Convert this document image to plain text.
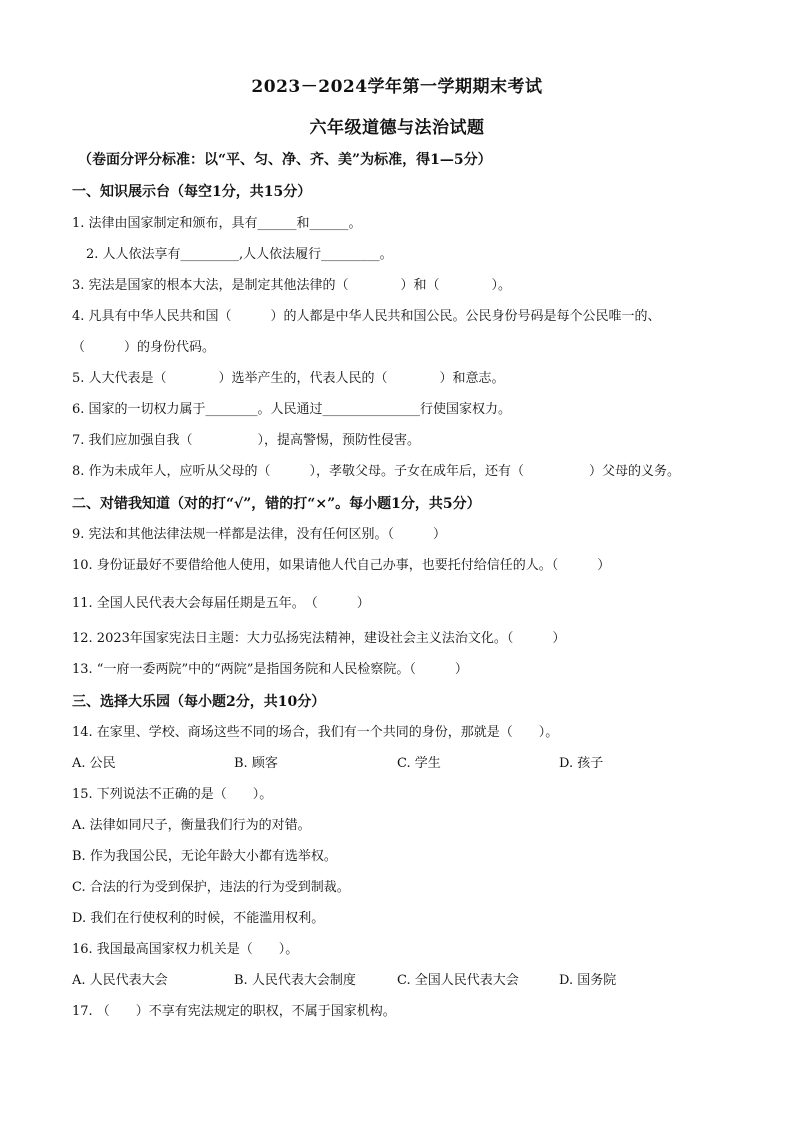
2023－2024学年第一学期期末考试
六年级道德与法治试题
（卷面分评分标准：以“平、匀、净、齐、美”为标准，得1—5分）
一、知识展示台（每空1分，共15分）
1. 法律由国家制定和颁布，具有______和______。
2. 人人依法享有_________,人人依法履行_________。
3. 宪法是国家的根本大法，是制定其他法律的（　　　　）和（　　　　）。
4. 凡具有中华人民共和国（　　　）的人都是中华人民共和国公民。公民身份号码是每个公民唯一的、
（　　　）的身份代码。
5. 人大代表是（　　　　）选举产生的，代表人民的（　　　　）和意志。
6. 国家的一切权力属于________。人民通过_______________行使国家权力。
7. 我们应加强自我（　　　　　），提高警惕，预防性侵害。
8. 作为未成年人，应听从父母的（　　　），孝敬父母。子女在成年后，还有（　　　　　）父母的义务。
二、对错我知道（对的打“√”，错的打“×”。每小题1分，共5分）
9. 宪法和其他法律法规一样都是法律，没有任何区别。（　　　）
10. 身份证最好不要借给他人使用，如果请他人代自己办事，也要托付给信任的人。（　　　）
11. 全国人民代表大会每届任期是五年。　（　　　）
12. 2023年国家宪法日主题：大力弘扬宪法精神，建设社会主义法治文化。（　　　）
13. “一府一委两院”中的“两院”是指国务院和人民检察院。（　　　）
三、选择大乐园（每小题2分，共10分）
14. 在家里、学校、商场这些不同的场合，我们有一个共同的身份，那就是（　　）。
A. 公民	B. 顾客	C. 学生	D. 孩子
15. 下列说法不正确的是（　　）。
A. 法律如同尺子，衡量我们行为的对错。
B. 作为我国公民，无论年龄大小都有选举权。
C. 合法的行为受到保护，违法的行为受到制裁。
D. 我们在行使权利的时候，不能滥用权利。
16. 我国最高国家权力机关是（　　）。
A. 人民代表大会	B. 人民代表大会制度	C. 全国人民代表大会	D. 国务院
17. （　　）不享有宪法规定的职权，不属于国家机构。
